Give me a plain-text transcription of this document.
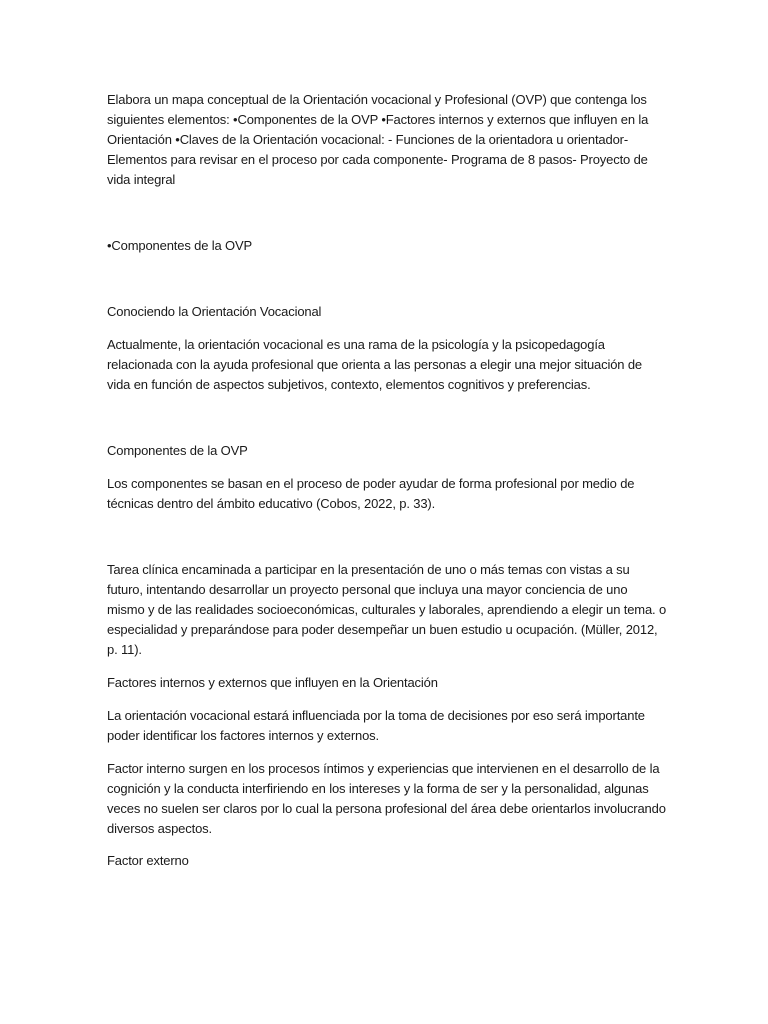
Elabora un mapa conceptual de la Orientación vocacional y Profesional (OVP) que contenga los siguientes elementos: •Componentes de la OVP •Factores internos y externos que influyen en la Orientación •Claves de la Orientación vocacional: - Funciones de la orientadora u orientador- Elementos para revisar en el proceso por cada componente- Programa de 8 pasos- Proyecto de vida integral

•Componentes de la OVP

Conociendo la Orientación Vocacional

Actualmente, la orientación vocacional es una rama de la psicología y la psicopedagogía relacionada con la ayuda profesional que orienta a las personas a elegir una mejor situación de vida en función de aspectos subjetivos, contexto, elementos cognitivos y preferencias.

Componentes de la OVP

Los componentes se basan en el proceso de poder ayudar de forma profesional por medio de técnicas dentro del ámbito educativo (Cobos, 2022, p. 33).

Tarea clínica encaminada a participar en la presentación de uno o más temas con vistas a su futuro, intentando desarrollar un proyecto personal que incluya una mayor conciencia de uno mismo y de las realidades socioeconómicas, culturales y laborales, aprendiendo a elegir un tema. o especialidad y preparándose para poder desempeñar un buen estudio u ocupación. (Müller, 2012, p. 11).

Factores internos y externos que influyen en la Orientación

La orientación vocacional estará influenciada por la toma de decisiones por eso será importante poder identificar los factores internos y externos.

Factor interno surgen en los procesos íntimos y experiencias que intervienen en el desarrollo de la cognición y la conducta interfiriendo en los intereses y la forma de ser y la personalidad, algunas veces no suelen ser claros por lo cual la persona profesional del área debe orientarlos involucrando diversos aspectos.

Factor externo
